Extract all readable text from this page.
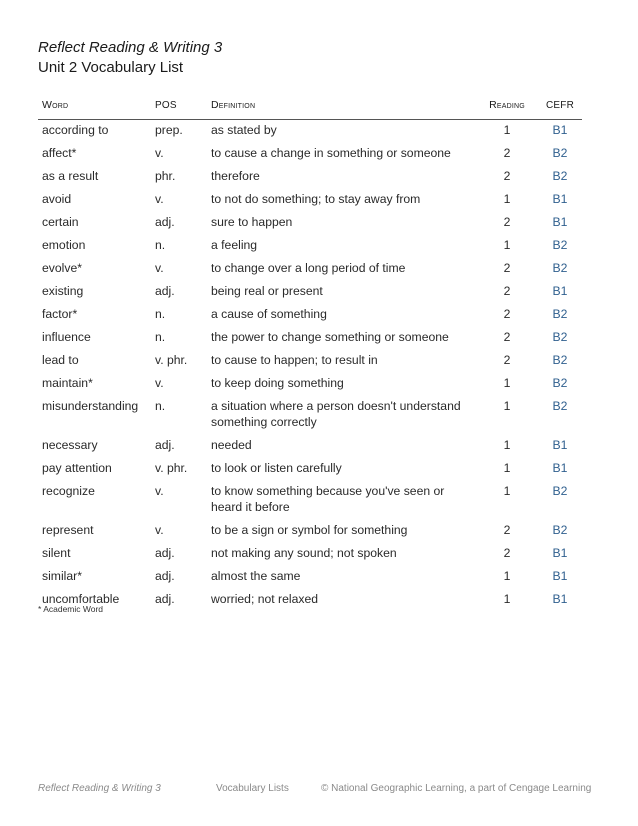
Reflect Reading & Writing 3
Unit 2 Vocabulary List
Word	POS	Definition	Reading	CEFR
according to	prep.	as stated by	1	B1
affect*	v.	to cause a change in something or someone	2	B2
as a result	phr.	therefore	2	B2
avoid	v.	to not do something; to stay away from	1	B1
certain	adj.	sure to happen	2	B1
emotion	n.	a feeling	1	B2
evolve*	v.	to change over a long period of time	2	B2
existing	adj.	being real or present	2	B1
factor*	n.	a cause of something	2	B2
influence	n.	the power to change something or someone	2	B2
lead to	v. phr.	to cause to happen; to result in	2	B2
maintain*	v.	to keep doing something	1	B2
misunderstanding	n.	a situation where a person doesn't understand something correctly	1	B2
necessary	adj.	needed	1	B1
pay attention	v. phr.	to look or listen carefully	1	B1
recognize	v.	to know something because you've seen or heard it before	1	B2
represent	v.	to be a sign or symbol for something	2	B2
silent	adj.	not making any sound; not spoken	2	B1
similar*	adj.	almost the same	1	B1
uncomfortable	adj.	worried; not relaxed	1	B1
* Academic Word
Reflect Reading & Writing 3	Vocabulary Lists	© National Geographic Learning, a part of Cengage Learning
